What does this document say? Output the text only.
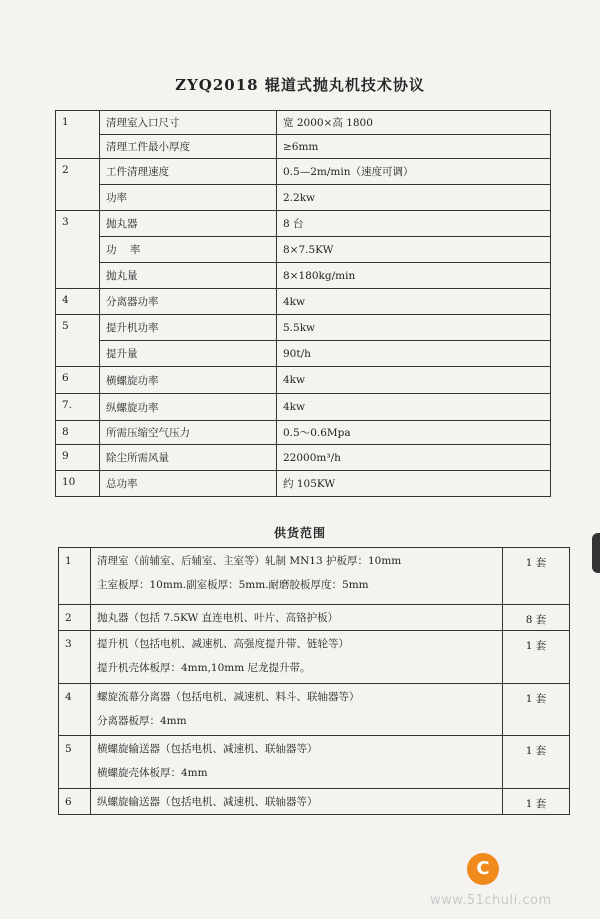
ZYQ2018 辊道式抛丸机技术协议
1	清理室入口尺寸	宽 2000×高 1800
	清理工件最小厚度	≥6mm
2	工件清理速度	0.5—2m/min（速度可调）
	功率	2.2kw
3	抛丸器	8 台
	功    率	8×7.5KW
	抛丸量	8×180kg/min
4	分离器功率	4kw
5	提升机功率	5.5kw
	提升量	90t/h
6	横螺旋功率	4kw
7.	纵螺旋功率	4kw
8	所需压缩空气压力	0.5～0.6Mpa
9	除尘所需风量	22000m³/h
10	总功率	约 105KW
供货范围
1	清理室（前辅室、后辅室、主室等）轧制 MN13 护板厚：10mm
主室板厚：10mm.副室板厚：5mm.耐磨胶板厚度：5mm	1 套
2	抛丸器（包括 7.5KW 直连电机、叶片、高铬护板）	8 套
3	提升机（包括电机、减速机、高强度提升带、链轮等）
提升机壳体板厚：4mm,10mm 尼龙提升带。	1 套
4	螺旋流幕分离器（包括电机、减速机、料斗、联轴器等）
分离器板厚：4mm	1 套
5	横螺旋输送器（包括电机、减速机、联轴器等）
横螺旋壳体板厚：4mm	1 套
6	纵螺旋输送器（包括电机、减速机、联轴器等）	1 套
C
www.51chuli.com
